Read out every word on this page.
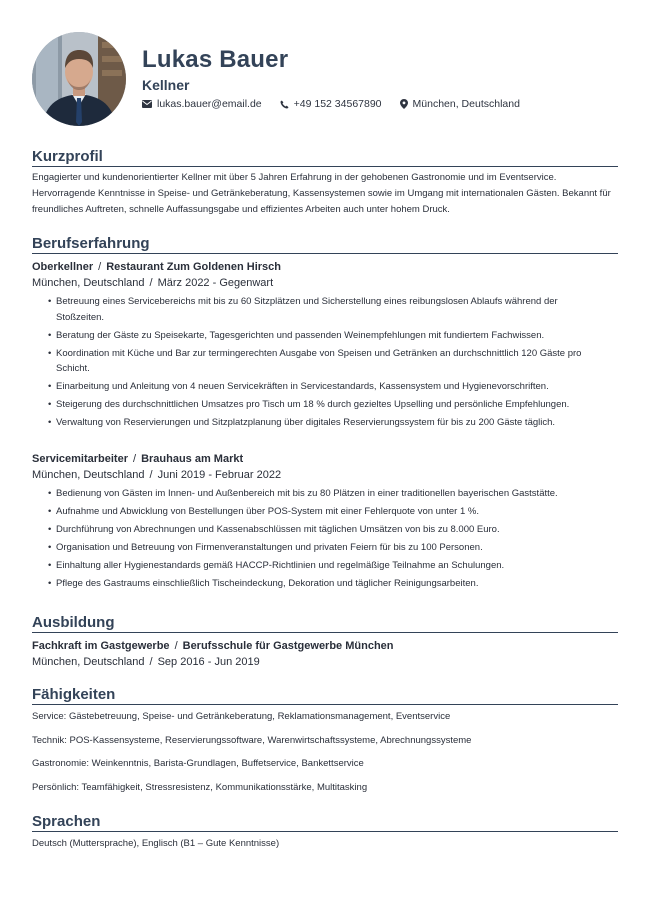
Lukas Bauer
Kellner
lukas.bauer@email.de	+49 152 34567890	München, Deutschland
Kurzprofil
Engagierter und kundenorientierter Kellner mit über 5 Jahren Erfahrung in der gehobenen Gastronomie und im Eventservice. Hervorragende Kenntnisse in Speise- und Getränkeberatung, Kassensystemen sowie im Umgang mit internationalen Gästen. Bekannt für freundliches Auftreten, schnelle Auffassungsgabe und effizientes Arbeiten auch unter hohem Druck.
Berufserfahrung
Oberkellner / Restaurant Zum Goldenen Hirsch
München, Deutschland / März 2022 - Gegenwart
• Betreuung eines Servicebereichs mit bis zu 60 Sitzplätzen und Sicherstellung eines reibungslosen Ablaufs während der Stoßzeiten.
• Beratung der Gäste zu Speisekarte, Tagesgerichten und passenden Weinempfehlungen mit fundiertem Fachwissen.
• Koordination mit Küche und Bar zur termingerechten Ausgabe von Speisen und Getränken an durchschnittlich 120 Gäste pro Schicht.
• Einarbeitung und Anleitung von 4 neuen Servicekräften in Servicestandards, Kassensystem und Hygienevorschriften.
• Steigerung des durchschnittlichen Umsatzes pro Tisch um 18 % durch gezieltes Upselling und persönliche Empfehlungen.
• Verwaltung von Reservierungen und Sitzplatzplanung über digitales Reservierungssystem für bis zu 200 Gäste täglich.
Servicemitarbeiter / Brauhaus am Markt
München, Deutschland / Juni 2019 - Februar 2022
• Bedienung von Gästen im Innen- und Außenbereich mit bis zu 80 Plätzen in einer traditionellen bayerischen Gaststätte.
• Aufnahme und Abwicklung von Bestellungen über POS-System mit einer Fehlerquote von unter 1 %.
• Durchführung von Abrechnungen und Kassenabschlüssen mit täglichen Umsätzen von bis zu 8.000 Euro.
• Organisation und Betreuung von Firmenveranstaltungen und privaten Feiern für bis zu 100 Personen.
• Einhaltung aller Hygienestandards gemäß HACCP-Richtlinien und regelmäßige Teilnahme an Schulungen.
• Pflege des Gastraums einschließlich Tischeindeckung, Dekoration und täglicher Reinigungsarbeiten.
Ausbildung
Fachkraft im Gastgewerbe / Berufsschule für Gastgewerbe München
München, Deutschland / Sep 2016 - Jun 2019
Fähigkeiten
Service: Gästebetreuung, Speise- und Getränkeberatung, Reklamationsmanagement, Eventservice
Technik: POS-Kassensysteme, Reservierungssoftware, Warenwirtschaftssysteme, Abrechnungssysteme
Gastronomie: Weinkenntnis, Barista-Grundlagen, Buffetservice, Bankettservice
Persönlich: Teamfähigkeit, Stressresistenz, Kommunikationsstärke, Multitasking
Sprachen
Deutsch (Muttersprache), Englisch (B1 – Gute Kenntnisse)
